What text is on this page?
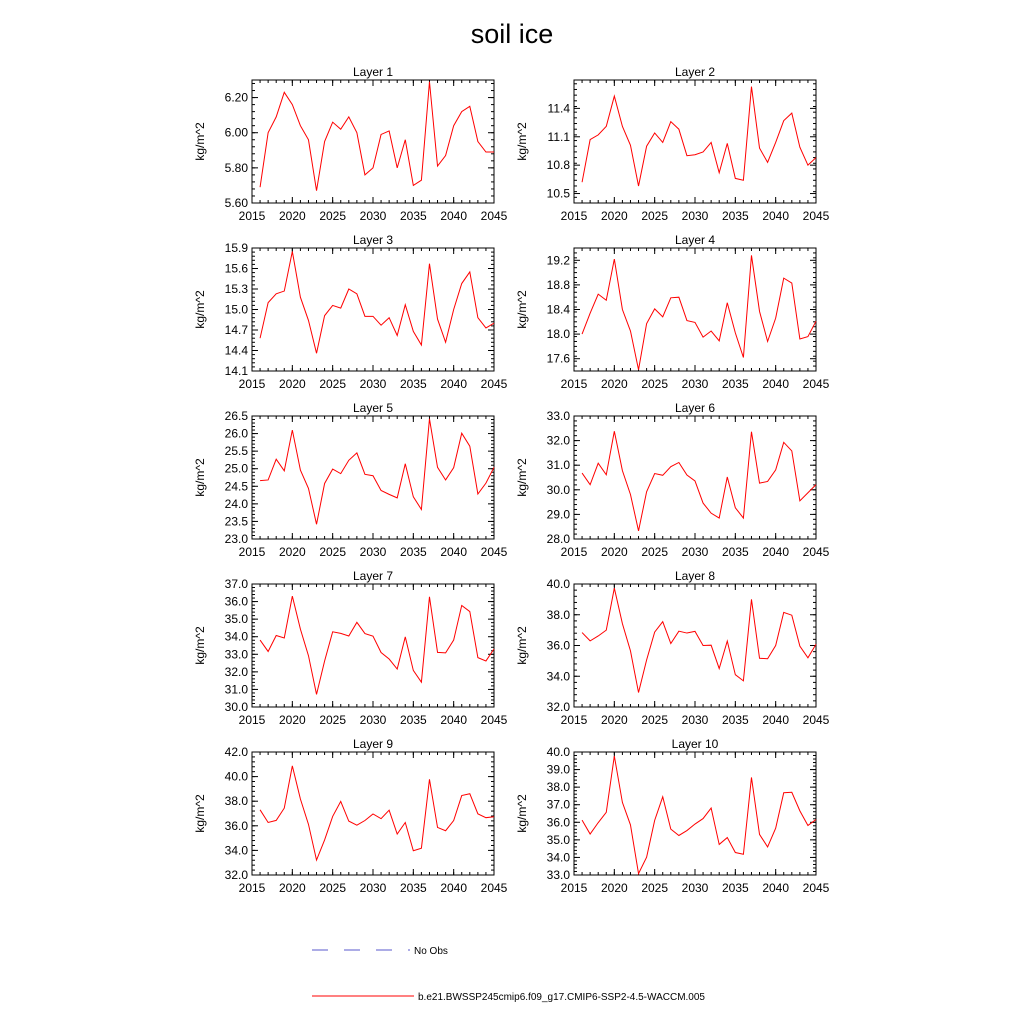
soil ice
Layer 1
2015 2020 2025 2030 2035 2040 2045
5.60
5.80
6.00
6.20
kg/m^2
Layer 2
2015 2020 2025 2030 2035 2040 2045
10.5
10.8
11.1
11.4
kg/m^2
Layer 3
2015 2020 2025 2030 2035 2040 2045
14.1
14.4
14.7
15.0
15.3
15.6
15.9
kg/m^2
Layer 4
2015 2020 2025 2030 2035 2040 2045
17.6
18.0
18.4
18.8
19.2
kg/m^2
Layer 5
2015 2020 2025 2030 2035 2040 2045
23.0
23.5
24.0
24.5
25.0
25.5
26.0
26.5
kg/m^2
Layer 6
2015 2020 2025 2030 2035 2040 2045
28.0
29.0
30.0
31.0
32.0
33.0
kg/m^2
Layer 7
2015 2020 2025 2030 2035 2040 2045
30.0
31.0
32.0
33.0
34.0
35.0
36.0
37.0
kg/m^2
Layer 8
2015 2020 2025 2030 2035 2040 2045
32.0
34.0
36.0
38.0
40.0
kg/m^2
Layer 9
2015 2020 2025 2030 2035 2040 2045
32.0
34.0
36.0
38.0
40.0
42.0
kg/m^2
Layer 10
2015 2020 2025 2030 2035 2040 2045
33.0
34.0
35.0
36.0
37.0
38.0
39.0
40.0
kg/m^2
No Obs
b.e21.BWSSP245cmip6.f09_g17.CMIP6-SSP2-4.5-WACCM.005
